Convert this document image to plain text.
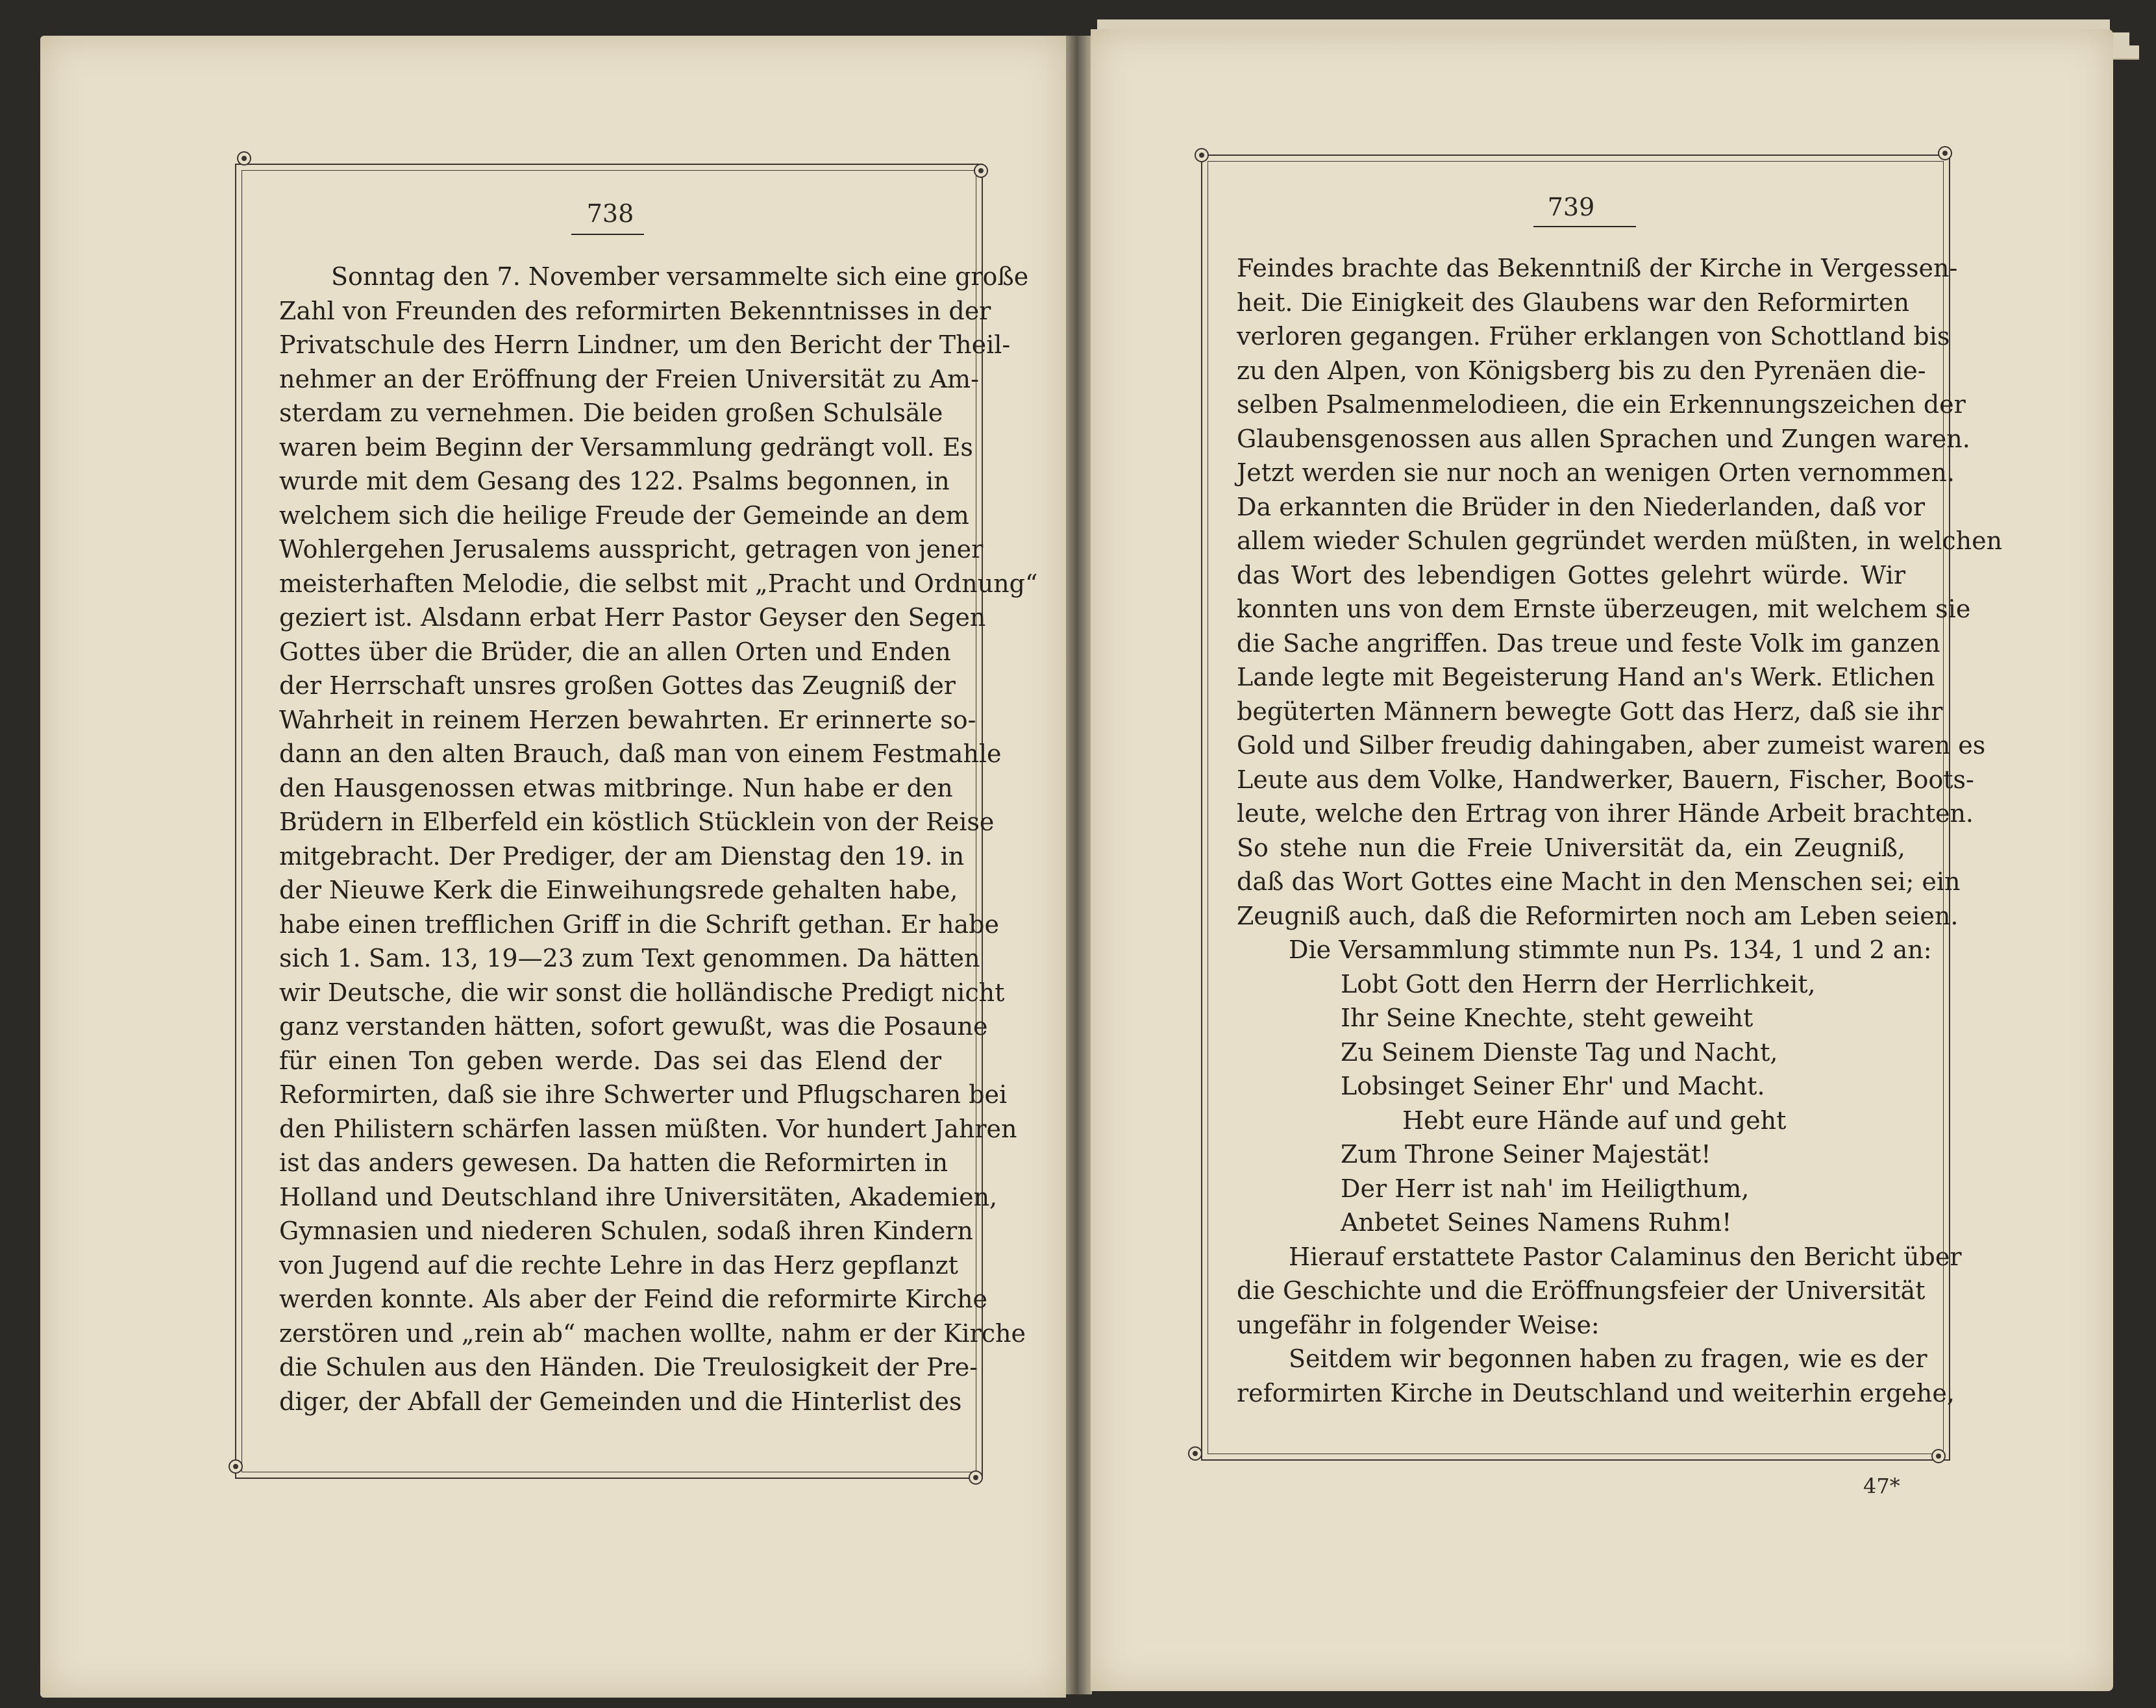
738
Sonntag den 7. November versammelte sich eine große
Zahl von Freunden des reformirten Bekenntnisses in der
Privatschule des Herrn Lindner, um den Bericht der Theil-
nehmer an der Eröffnung der Freien Universität zu Am-
sterdam zu vernehmen. Die beiden großen Schulsäle
waren beim Beginn der Versammlung gedrängt voll. Es
wurde mit dem Gesang des 122. Psalms begonnen, in
welchem sich die heilige Freude der Gemeinde an dem
Wohlergehen Jerusalems ausspricht, getragen von jener
meisterhaften Melodie, die selbst mit „Pracht und Ordnung“
geziert ist. Alsdann erbat Herr Pastor Geyser den Segen
Gottes über die Brüder, die an allen Orten und Enden
der Herrschaft unsres großen Gottes das Zeugniß der
Wahrheit in reinem Herzen bewahrten. Er erinnerte so-
dann an den alten Brauch, daß man von einem Festmahle
den Hausgenossen etwas mitbringe. Nun habe er den
Brüdern in Elberfeld ein köstlich Stücklein von der Reise
mitgebracht. Der Prediger, der am Dienstag den 19. in
der Nieuwe Kerk die Einweihungsrede gehalten habe,
habe einen trefflichen Griff in die Schrift gethan. Er habe
sich 1. Sam. 13, 19—23 zum Text genommen. Da hätten
wir Deutsche, die wir sonst die holländische Predigt nicht
ganz verstanden hätten, sofort gewußt, was die Posaune
für einen Ton geben werde. Das sei das Elend der
Reformirten, daß sie ihre Schwerter und Pflugscharen bei
den Philistern schärfen lassen müßten. Vor hundert Jahren
ist das anders gewesen. Da hatten die Reformirten in
Holland und Deutschland ihre Universitäten, Akademien,
Gymnasien und niederen Schulen, sodaß ihren Kindern
von Jugend auf die rechte Lehre in das Herz gepflanzt
werden konnte. Als aber der Feind die reformirte Kirche
zerstören und „rein ab“ machen wollte, nahm er der Kirche
die Schulen aus den Händen. Die Treulosigkeit der Pre-
diger, der Abfall der Gemeinden und die Hinterlist des
739
Feindes brachte das Bekenntniß der Kirche in Vergessen-
heit. Die Einigkeit des Glaubens war den Reformirten
verloren gegangen. Früher erklangen von Schottland bis
zu den Alpen, von Königsberg bis zu den Pyrenäen die-
selben Psalmenmelodieen, die ein Erkennungszeichen der
Glaubensgenossen aus allen Sprachen und Zungen waren.
Jetzt werden sie nur noch an wenigen Orten vernommen.
Da erkannten die Brüder in den Niederlanden, daß vor
allem wieder Schulen gegründet werden müßten, in welchen
das Wort des lebendigen Gottes gelehrt würde. Wir
konnten uns von dem Ernste überzeugen, mit welchem sie
die Sache angriffen. Das treue und feste Volk im ganzen
Lande legte mit Begeisterung Hand an's Werk. Etlichen
begüterten Männern bewegte Gott das Herz, daß sie ihr
Gold und Silber freudig dahingaben, aber zumeist waren es
Leute aus dem Volke, Handwerker, Bauern, Fischer, Boots-
leute, welche den Ertrag von ihrer Hände Arbeit brachten.
So stehe nun die Freie Universität da, ein Zeugniß,
daß das Wort Gottes eine Macht in den Menschen sei; ein
Zeugniß auch, daß die Reformirten noch am Leben seien.
Die Versammlung stimmte nun Ps. 134, 1 und 2 an:
Lobt Gott den Herrn der Herrlichkeit,
Ihr Seine Knechte, steht geweiht
Zu Seinem Dienste Tag und Nacht,
Lobsinget Seiner Ehr' und Macht.
Hebt eure Hände auf und geht
Zum Throne Seiner Majestät!
Der Herr ist nah' im Heiligthum,
Anbetet Seines Namens Ruhm!
Hierauf erstattete Pastor Calaminus den Bericht über
die Geschichte und die Eröffnungsfeier der Universität
ungefähr in folgender Weise:
Seitdem wir begonnen haben zu fragen, wie es der
reformirten Kirche in Deutschland und weiterhin ergehe,
47*
